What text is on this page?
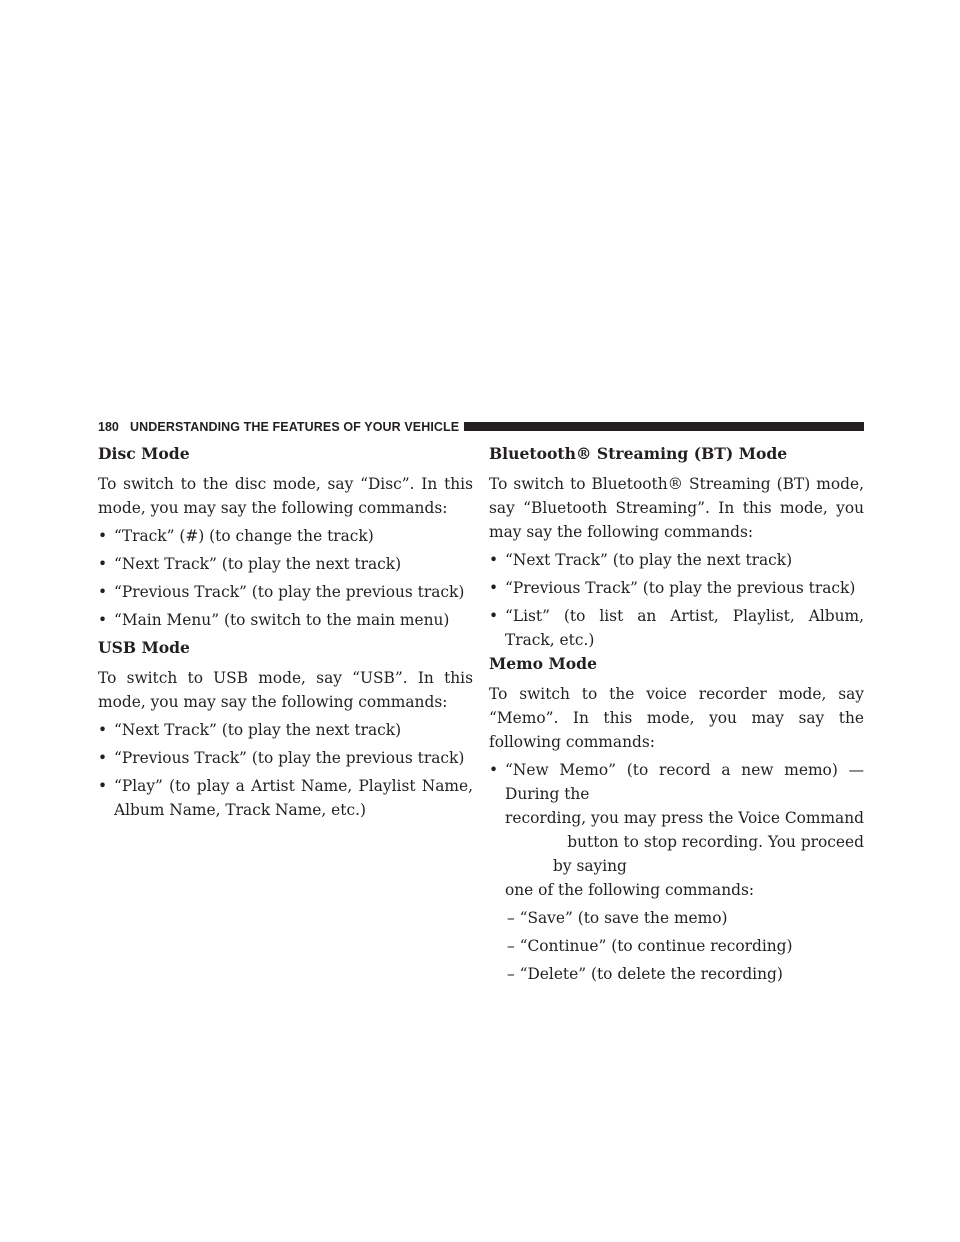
180 UNDERSTANDING THE FEATURES OF YOUR VEHICLE
Disc Mode

To switch to the disc mode, say “Disc”. In this mode, you may say the following commands:

• “Track” (#) (to change the track)
• “Next Track” (to play the next track)
• “Previous Track” (to play the previous track)
• “Main Menu” (to switch to the main menu)
USB Mode

To switch to USB mode, say “USB”. In this mode, you may say the following commands:

• “Next Track” (to play the next track)
• “Previous Track” (to play the previous track)
• “Play” (to play a Artist Name, Playlist Name, Album Name, Track Name, etc.)
Bluetooth® Streaming (BT) Mode

To switch to Bluetooth® Streaming (BT) mode, say “Bluetooth Streaming”. In this mode, you may say the following commands:

• “Next Track” (to play the next track)
• “Previous Track” (to play the previous track)
• “List” (to list an Artist, Playlist, Album, Track, etc.)
Memo Mode

To switch to the voice recorder mode, say “Memo”. In this mode, you may say the following commands:

• “New Memo” (to record a new memo) — During the
recording, you may press the Voice Command
button to stop recording. You proceed by saying
one of the following commands:
– “Save” (to save the memo)
– “Continue” (to continue recording)
– “Delete” (to delete the recording)
